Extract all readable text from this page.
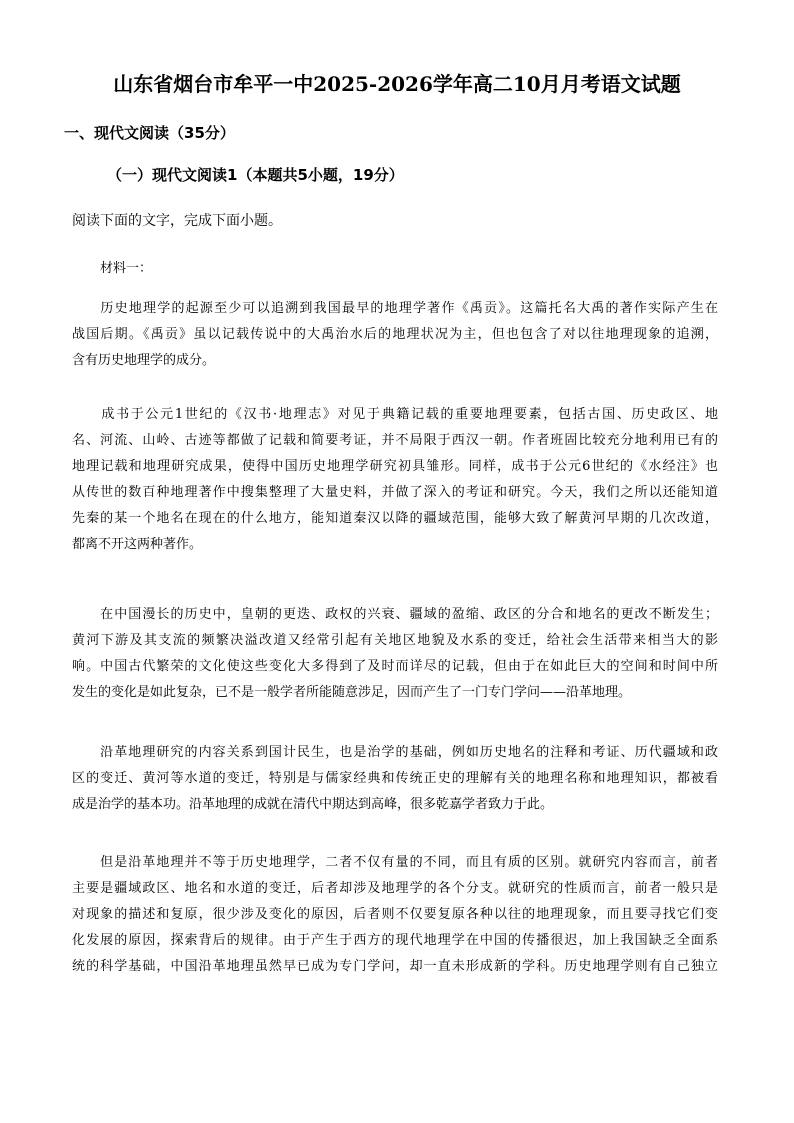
山东省烟台市牟平一中2025-2026学年高二10月月考语文试题
一、现代文阅读（35分）
（一）现代文阅读1（本题共5小题，19分）
阅读下面的文字，完成下面小题。
材料一：
　　历史地理学的起源至少可以追溯到我国最早的地理学著作《禹贡》。这篇托名大禹的著作实际产生在
战国后期。《禹贡》虽以记载传说中的大禹治水后的地理状况为主，但也包含了对以往地理现象的追溯，
含有历史地理学的成分。
　　成书于公元1世纪的《汉书·地理志》对见于典籍记载的重要地理要素，包括古国、历史政区、地
名、河流、山岭、古迹等都做了记载和简要考证，并不局限于西汉一朝。作者班固比较充分地利用已有的
地理记载和地理研究成果，使得中国历史地理学研究初具雏形。同样，成书于公元6世纪的《水经注》也
从传世的数百种地理著作中搜集整理了大量史料，并做了深入的考证和研究。今天，我们之所以还能知道
先秦的某一个地名在现在的什么地方，能知道秦汉以降的疆域范围，能够大致了解黄河早期的几次改道，
都离不开这两种著作。
　　在中国漫长的历史中，皇朝的更迭、政权的兴衰、疆域的盈缩、政区的分合和地名的更改不断发生；
黄河下游及其支流的频繁决溢改道又经常引起有关地区地貌及水系的变迁，给社会生活带来相当大的影
响。中国古代繁荣的文化使这些变化大多得到了及时而详尽的记载，但由于在如此巨大的空间和时间中所
发生的变化是如此复杂，已不是一般学者所能随意涉足，因而产生了一门专门学问——沿革地理。
　　沿革地理研究的内容关系到国计民生，也是治学的基础，例如历史地名的注释和考证、历代疆域和政
区的变迁、黄河等水道的变迁，特别是与儒家经典和传统正史的理解有关的地理名称和地理知识，都被看
成是治学的基本功。沿革地理的成就在清代中期达到高峰，很多乾嘉学者致力于此。
　　但是沿革地理并不等于历史地理学，二者不仅有量的不同，而且有质的区别。就研究内容而言，前者
主要是疆域政区、地名和水道的变迁，后者却涉及地理学的各个分支。就研究的性质而言，前者一般只是
对现象的描述和复原，很少涉及变化的原因，后者则不仅要复原各种以往的地理现象，而且要寻找它们变
化发展的原因，探索背后的规律。由于产生于西方的现代地理学在中国的传播很迟，加上我国缺乏全面系
统的科学基础，中国沿革地理虽然早已成为专门学问，却一直未形成新的学科。历史地理学则有自己独立
